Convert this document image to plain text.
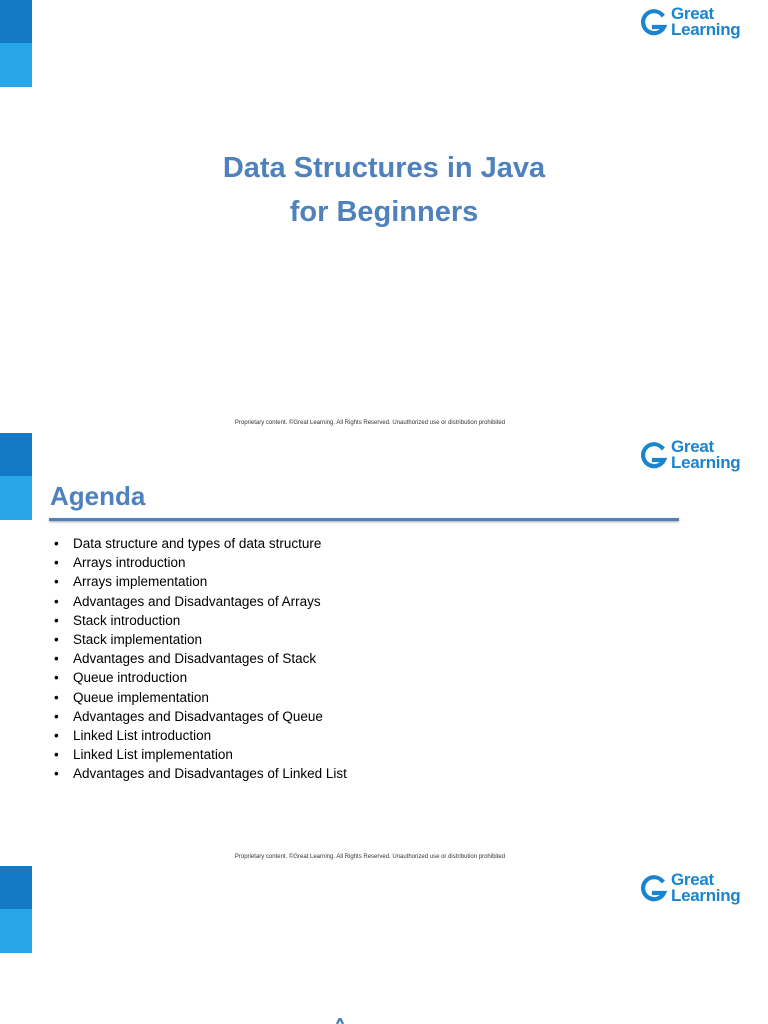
Great
Learning
Data Structures in Java
for Beginners
Proprietary content. ©Great Learning. All Rights Reserved. Unauthorized use or distribution prohibited
Great
Learning
Agenda
• Data structure and types of data structure
• Arrays introduction
• Arrays implementation
• Advantages and Disadvantages of Arrays
• Stack introduction
• Stack implementation
• Advantages and Disadvantages of Stack
• Queue introduction
• Queue implementation
• Advantages and Disadvantages of Queue
• Linked List introduction
• Linked List implementation
• Advantages and Disadvantages of Linked List
Proprietary content. ©Great Learning. All Rights Reserved. Unauthorized use or distribution prohibited
Great
Learning
